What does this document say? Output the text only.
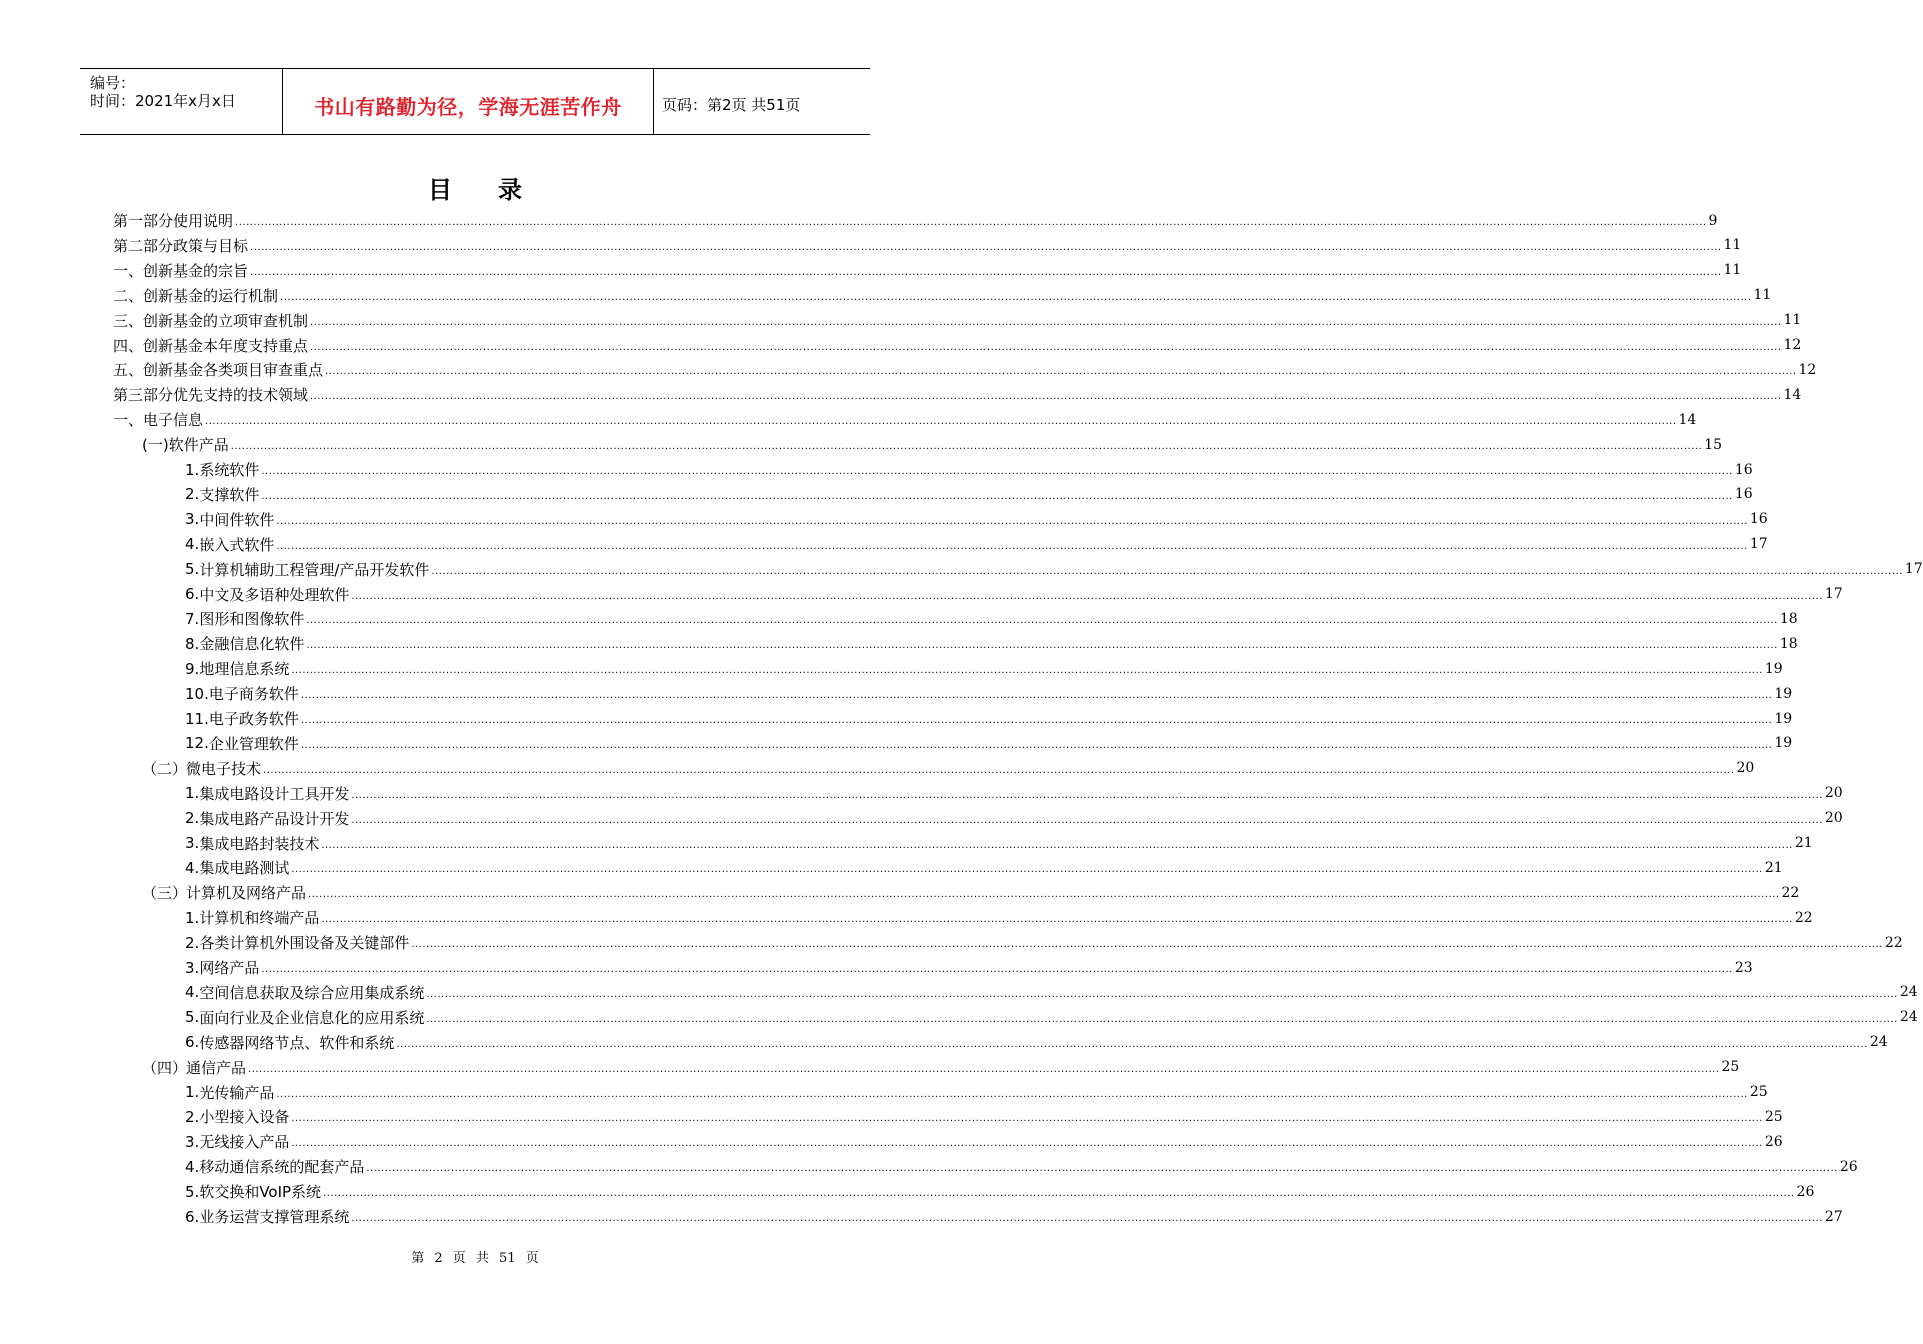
编号：
时间：2021年x月x日	书山有路勤为径，学海无涯苦作舟	页码：第2页 共51页
目录
第一部分 使用说明 ................................................................................................................................................................................................................................................................................................................................................................................................................ 9
第二部分 政策与目标 ................................................................................................................................................................................................................................................................................................................................................................................................................ 11
一、 创新基金的宗旨 ................................................................................................................................................................................................................................................................................................................................................................................................................ 11
二、 创新基金的运行机制 ................................................................................................................................................................................................................................................................................................................................................................................................................ 11
三、 创新基金的立项审查机制 ................................................................................................................................................................................................................................................................................................................................................................................................................ 11
四、 创新基金本年度支持重点 ................................................................................................................................................................................................................................................................................................................................................................................................................ 12
五、 创新基金各类项目审查重点 ................................................................................................................................................................................................................................................................................................................................................................................................................ 12
第三部分 优先支持的技术领域 ................................................................................................................................................................................................................................................................................................................................................................................................................ 14
一、 电子信息 ................................................................................................................................................................................................................................................................................................................................................................................................................ 14
(一) 软件产品 ................................................................................................................................................................................................................................................................................................................................................................................................................ 15
1. 系统软件 ................................................................................................................................................................................................................................................................................................................................................................................................................ 16
2. 支撑软件 ................................................................................................................................................................................................................................................................................................................................................................................................................ 16
3. 中间件软件 ................................................................................................................................................................................................................................................................................................................................................................................................................ 16
4. 嵌入式软件 ................................................................................................................................................................................................................................................................................................................................................................................................................ 17
5. 计算机辅助工程管理/产品开发软件 ................................................................................................................................................................................................................................................................................................................................................................................................................ 17
6. 中文及多语种处理软件 ................................................................................................................................................................................................................................................................................................................................................................................................................ 17
7. 图形和图像软件 ................................................................................................................................................................................................................................................................................................................................................................................................................ 18
8. 金融信息化软件 ................................................................................................................................................................................................................................................................................................................................................................................................................ 18
9. 地理信息系统 ................................................................................................................................................................................................................................................................................................................................................................................................................ 19
10. 电子商务软件 ................................................................................................................................................................................................................................................................................................................................................................................................................ 19
11. 电子政务软件 ................................................................................................................................................................................................................................................................................................................................................................................................................ 19
12. 企业管理软件 ................................................................................................................................................................................................................................................................................................................................................................................................................ 19
（二）
微电子技术 ................................................................................................................................................................................................................................................................................................................................................................................................................ 20
1. 集成电路设计工具开发 ................................................................................................................................................................................................................................................................................................................................................................................................................ 20
2. 集成电路产品设计开发 ................................................................................................................................................................................................................................................................................................................................................................................................................ 20
3. 集成电路封装技术 ................................................................................................................................................................................................................................................................................................................................................................................................................ 21
4. 集成电路测试 ................................................................................................................................................................................................................................................................................................................................................................................................................ 21
（三）
计算机及网络产品 ................................................................................................................................................................................................................................................................................................................................................................................................................ 22
1. 计算机和终端产品 ................................................................................................................................................................................................................................................................................................................................................................................................................ 22
2. 各类计算机外围设备及关键部件 ................................................................................................................................................................................................................................................................................................................................................................................................................ 22
3. 网络产品 ................................................................................................................................................................................................................................................................................................................................................................................................................ 23
4. 空间信息获取及综合应用集成系统 ................................................................................................................................................................................................................................................................................................................................................................................................................ 24
5. 面向行业及企业信息化的应用系统 ................................................................................................................................................................................................................................................................................................................................................................................................................ 24
6. 传感器网络节点、软件和系统 ................................................................................................................................................................................................................................................................................................................................................................................................................ 24
（四）
通信产品 ................................................................................................................................................................................................................................................................................................................................................................................................................ 25
1. 光传输产品 ................................................................................................................................................................................................................................................................................................................................................................................................................ 25
2. 小型接入设备 ................................................................................................................................................................................................................................................................................................................................................................................................................ 25
3. 无线接入产品 ................................................................................................................................................................................................................................................................................................................................................................................................................ 26
4. 移动通信系统的配套产品 ................................................................................................................................................................................................................................................................................................................................................................................................................ 26
5. 软交换和VoIP系统 ................................................................................................................................................................................................................................................................................................................................................................................................................ 26
6. 业务运营支撑管理系统 ................................................................................................................................................................................................................................................................................................................................................................................................................ 27
第 2 页 共 51 页
